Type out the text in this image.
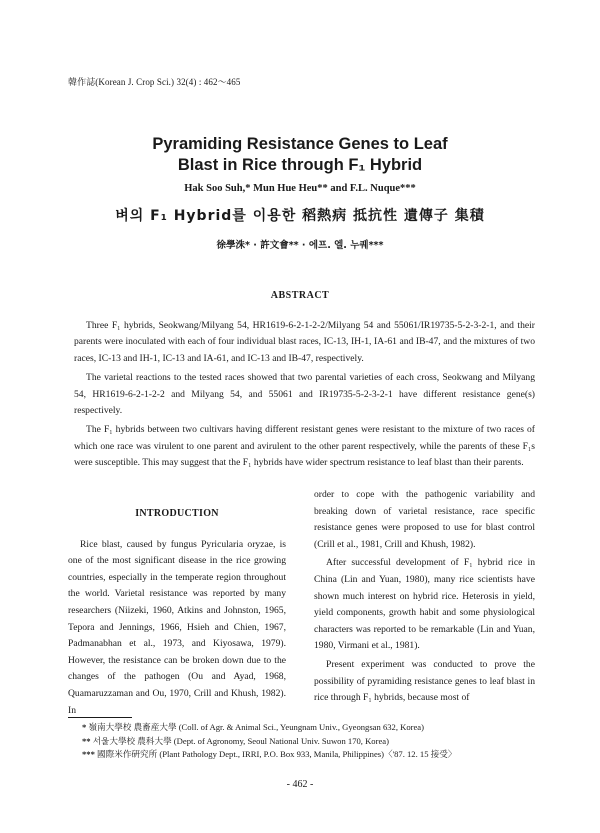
韓作誌(Korean J. Crop Sci.) 32(4) : 462～465
Pyramiding Resistance Genes to Leaf
Blast in Rice through F₁ Hybrid
Hak Soo Suh,* Mun Hue Heu** and F.L. Nuque***
벼의 F₁ Hybrid를 이용한 稻熱病 抵抗性 遺傳子 集積
徐學洙* · 許文會** · 에프. 엘. 누퀘***
ABSTRACT

Three F₁ hybrids, Seokwang/Milyang 54, HR1619-6-2-1-2-2/Milyang 54 and 55061/IR19735-5-2-3-2-1, and their parents were inoculated with each of four individual blast races, IC-13, IH-1, IA-61 and IB-47, and the mixtures of two races, IC-13 and IH-1, IC-13 and IA-61, and IC-13 and IB-47, respectively.

The varietal reactions to the tested races showed that two parental varieties of each cross, Seokwang and Milyang 54, HR1619-6-2-1-2-2 and Milyang 54, and 55061 and IR19735-5-2-3-2-1 have different resistance gene(s) respectively.

The F₁ hybrids between two cultivars having different resistant genes were resistant to the mixture of two races of which one race was virulent to one parent and avirulent to the other parent respectively, while the parents of these F₁s were susceptible. This may suggest that the F₁ hybrids have wider spectrum resistance to leaf blast than their parents.

INTRODUCTION

Rice blast, caused by fungus Pyricularia oryzae, is one of the most significant disease in the rice growing countries, especially in the temperate region throughout the world. Varietal resistance was reported by many researchers (Niizeki, 1960, Atkins and Johnston, 1965, Tepora and Jennings, 1966, Hsieh and Chien, 1967, Padmanabhan et al., 1973, and Kiyosawa, 1979). However, the resistance can be broken down due to the changes of the pathogen (Ou and Ayad, 1968, Quamaruzzaman and Ou, 1970, Crill and Khush, 1982). In

order to cope with the pathogenic variability and breaking down of varietal resistance, race specific resistance genes were proposed to use for blast control (Crill et al., 1981, Crill and Khush, 1982).

After successful development of F₁ hybrid rice in China (Lin and Yuan, 1980), many rice scientists have shown much interest on hybrid rice. Heterosis in yield, yield components, growth habit and some physiological characters was reported to be remarkable (Lin and Yuan, 1980, Virmani et al., 1981).

Present experiment was conducted to prove the possibility of pyramiding resistance genes to leaf blast in rice through F₁ hybrids, because most of

* 嶺南大學校 農畜産大學 (Coll. of Agr. & Animal Sci., Yeungnam Univ., Gyeongsan 632, Korea)
** 서울大學校 農科大學 (Dept. of Agronomy, Seoul National Univ. Suwon 170, Korea)
*** 國際米作硏究所 (Plant Pathology Dept., IRRI, P.O. Box 933, Manila, Philippines)〈'87. 12. 15 接受〉
- 462 -
